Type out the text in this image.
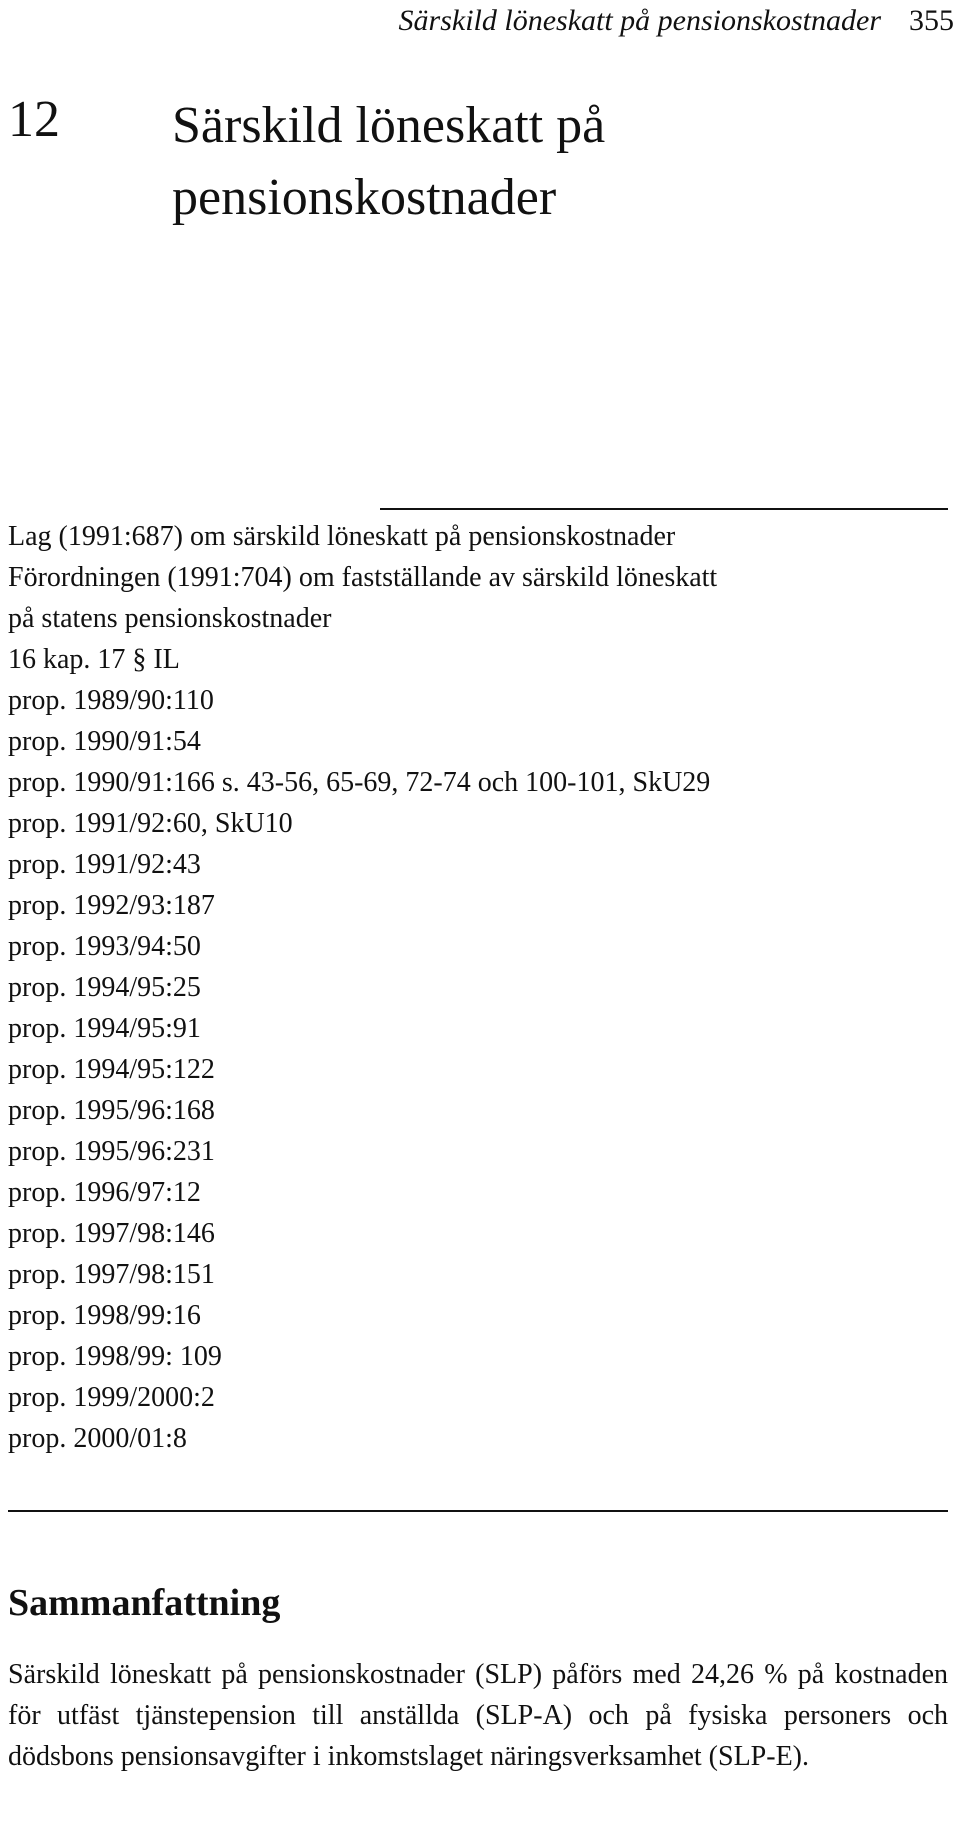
Särskild löneskatt på pensionskostnader 355
12 Särskild löneskatt på
pensionskostnader
Lag (1991:687) om särskild löneskatt på pensionskostnader
Förordningen (1991:704) om fastställande av särskild löneskatt
på statens pensionskostnader
16 kap. 17 § IL
prop. 1989/90:110
prop. 1990/91:54
prop. 1990/91:166 s. 43-56, 65-69, 72-74 och 100-101, SkU29
prop. 1991/92:60, SkU10
prop. 1991/92:43
prop. 1992/93:187
prop. 1993/94:50
prop. 1994/95:25
prop. 1994/95:91
prop. 1994/95:122
prop. 1995/96:168
prop. 1995/96:231
prop. 1996/97:12
prop. 1997/98:146
prop. 1997/98:151
prop. 1998/99:16
prop. 1998/99: 109
prop. 1999/2000:2
prop. 2000/01:8
Sammanfattning

Särskild löneskatt på pensionskostnader (SLP) påförs med 24,26 % på kostnaden för utfäst tjänstepension till anställda (SLP-A) och på fysiska personers och dödsbons pensionsavgifter i inkomstslaget näringsverksamhet (SLP-E).
